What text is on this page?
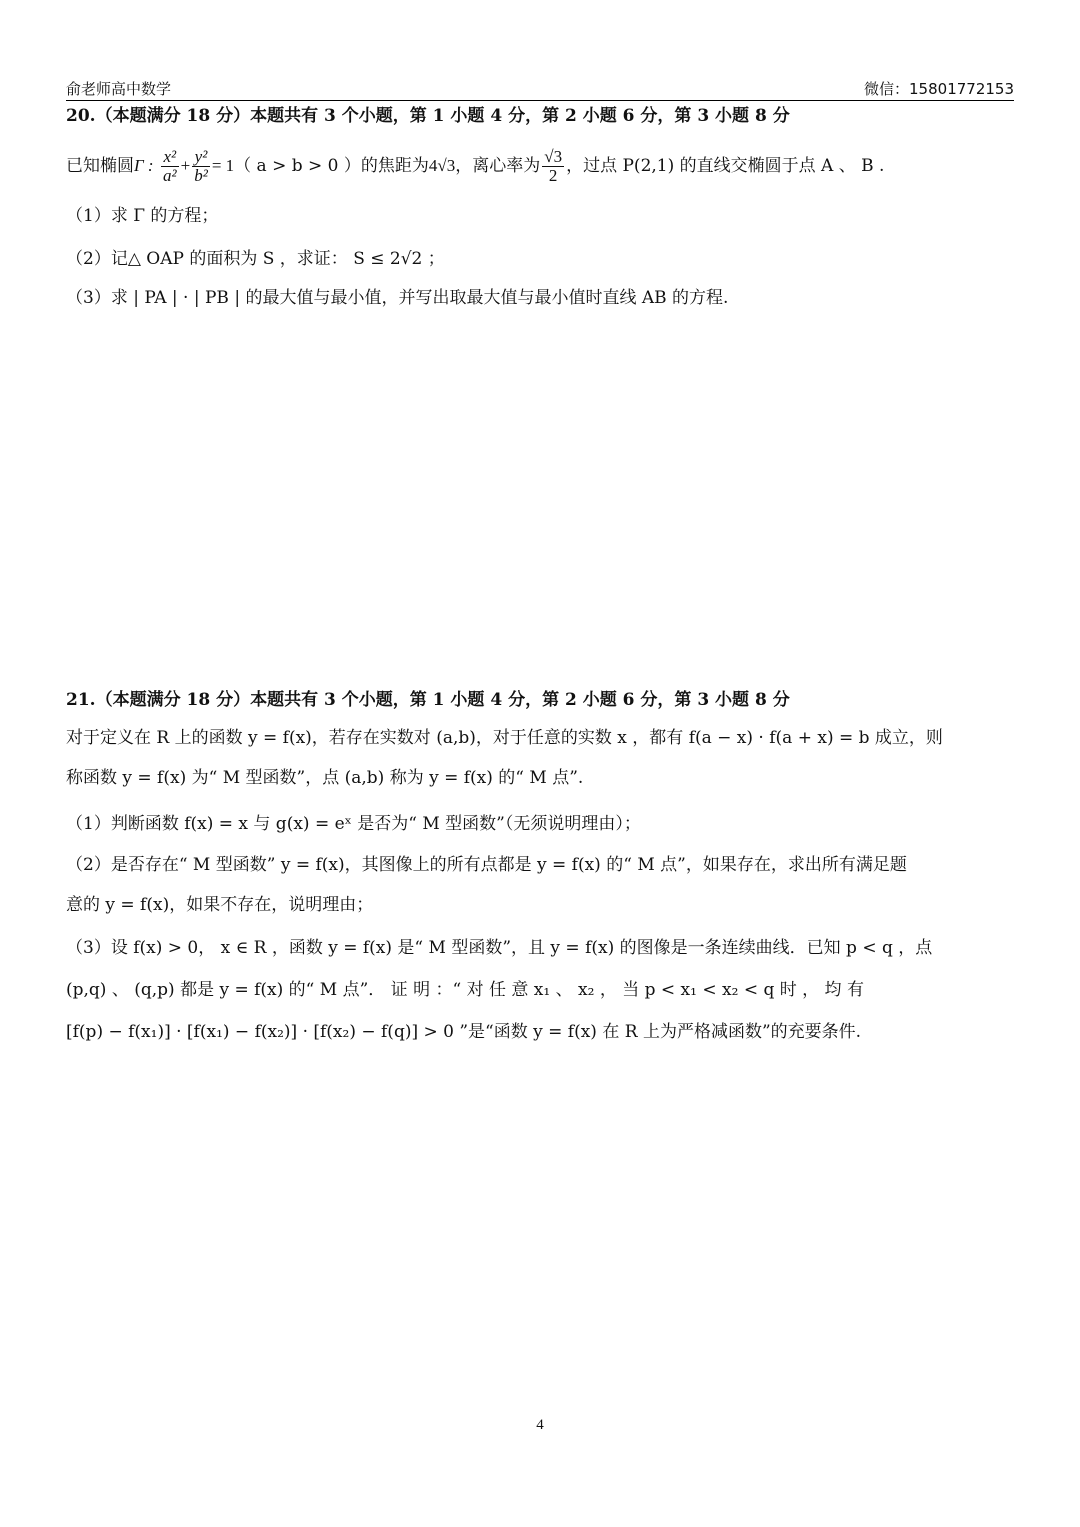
俞老师高中数学	微信：15801772153
20.（本题满分 18 分）本题共有 3 个小题，第 1 小题 4 分，第 2 小题 6 分，第 3 小题 8 分
已知椭圆Γ : $\frac{\text{x²}}{\text{a²}} + \frac{\text{y²}}{\text{b²}} = 1$（ a > b > 0 ）的焦距为4√3，离心率为 $\frac{√3}{2}$ ，过点 P(2,1) 的直线交椭圆于点 A 、 B .
（1）求 Γ 的方程；
（2）记△ OAP 的面积为 S ，求证： S ≤ 2√2 ；
（3）求 | PA | · | PB | 的最大值与最小值，并写出取最大值与最小值时直线 AB 的方程.
21.（本题满分 18 分）本题共有 3 个小题，第 1 小题 4 分，第 2 小题 6 分，第 3 小题 8 分
对于定义在 R 上的函数 y = f(x)，若存在实数对 (a,b)，对于任意的实数 x ，都有 f(a − x) · f(a + x) = b 成立，则
称函数 y = f(x) 为“ M 型函数”，点 (a,b) 称为 y = f(x) 的“ M 点”.
（1）判断函数 f(x) = x 与 g(x) = eˣ 是否为“ M 型函数”（无须说明理由）；
（2）是否存在“ M 型函数” y = f(x)，其图像上的所有点都是 y = f(x) 的“ M 点”，如果存在，求出所有满足题
意的 y = f(x)，如果不存在，说明理由；
（3）设 f(x) > 0， x ∈ R ，函数 y = f(x) 是“ M 型函数”，且 y = f(x) 的图像是一条连续曲线．已知 p < q ，点
(p,q) 、 (q,p) 都是 y = f(x) 的“ M 点”． 证 明 ：“ 对 任 意 x₁ 、 x₂ ， 当 p < x₁ < x₂ < q 时 ， 均 有
[f(p) − f(x₁)] · [f(x₁) − f(x₂)] · [f(x₂) − f(q)] > 0 ”是“函数 y = f(x) 在 R 上为严格减函数”的充要条件.
4
